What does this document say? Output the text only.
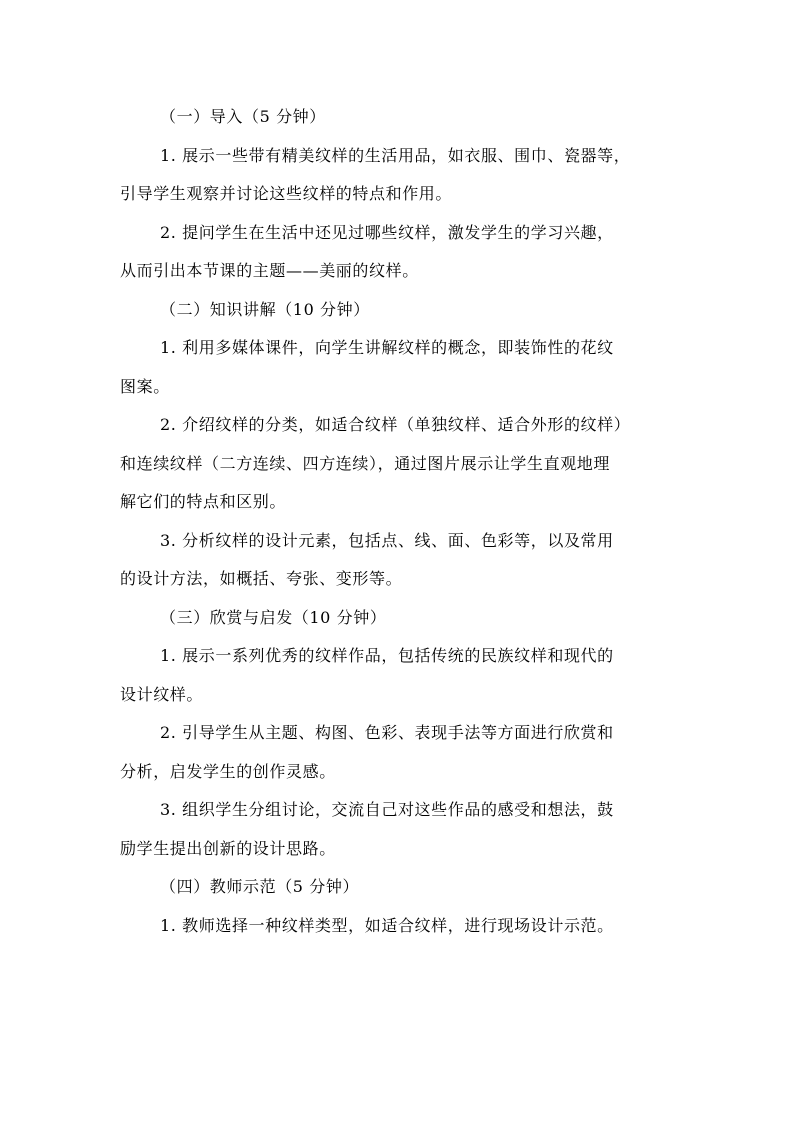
（一）导入（5 分钟）
1. 展示一些带有精美纹样的生活用品，如衣服、围巾、瓷器等，
引导学生观察并讨论这些纹样的特点和作用。
2. 提问学生在生活中还见过哪些纹样，激发学生的学习兴趣，
从而引出本节课的主题——美丽的纹样。
（二）知识讲解（10 分钟）
1. 利用多媒体课件，向学生讲解纹样的概念，即装饰性的花纹
图案。
2. 介绍纹样的分类，如适合纹样（单独纹样、适合外形的纹样）
和连续纹样（二方连续、四方连续），通过图片展示让学生直观地理
解它们的特点和区别。
3. 分析纹样的设计元素，包括点、线、面、色彩等，以及常用
的设计方法，如概括、夸张、变形等。
（三）欣赏与启发（10 分钟）
1. 展示一系列优秀的纹样作品，包括传统的民族纹样和现代的
设计纹样。
2. 引导学生从主题、构图、色彩、表现手法等方面进行欣赏和
分析，启发学生的创作灵感。
3. 组织学生分组讨论，交流自己对这些作品的感受和想法，鼓
励学生提出创新的设计思路。
（四）教师示范（5 分钟）
1. 教师选择一种纹样类型，如适合纹样，进行现场设计示范。
